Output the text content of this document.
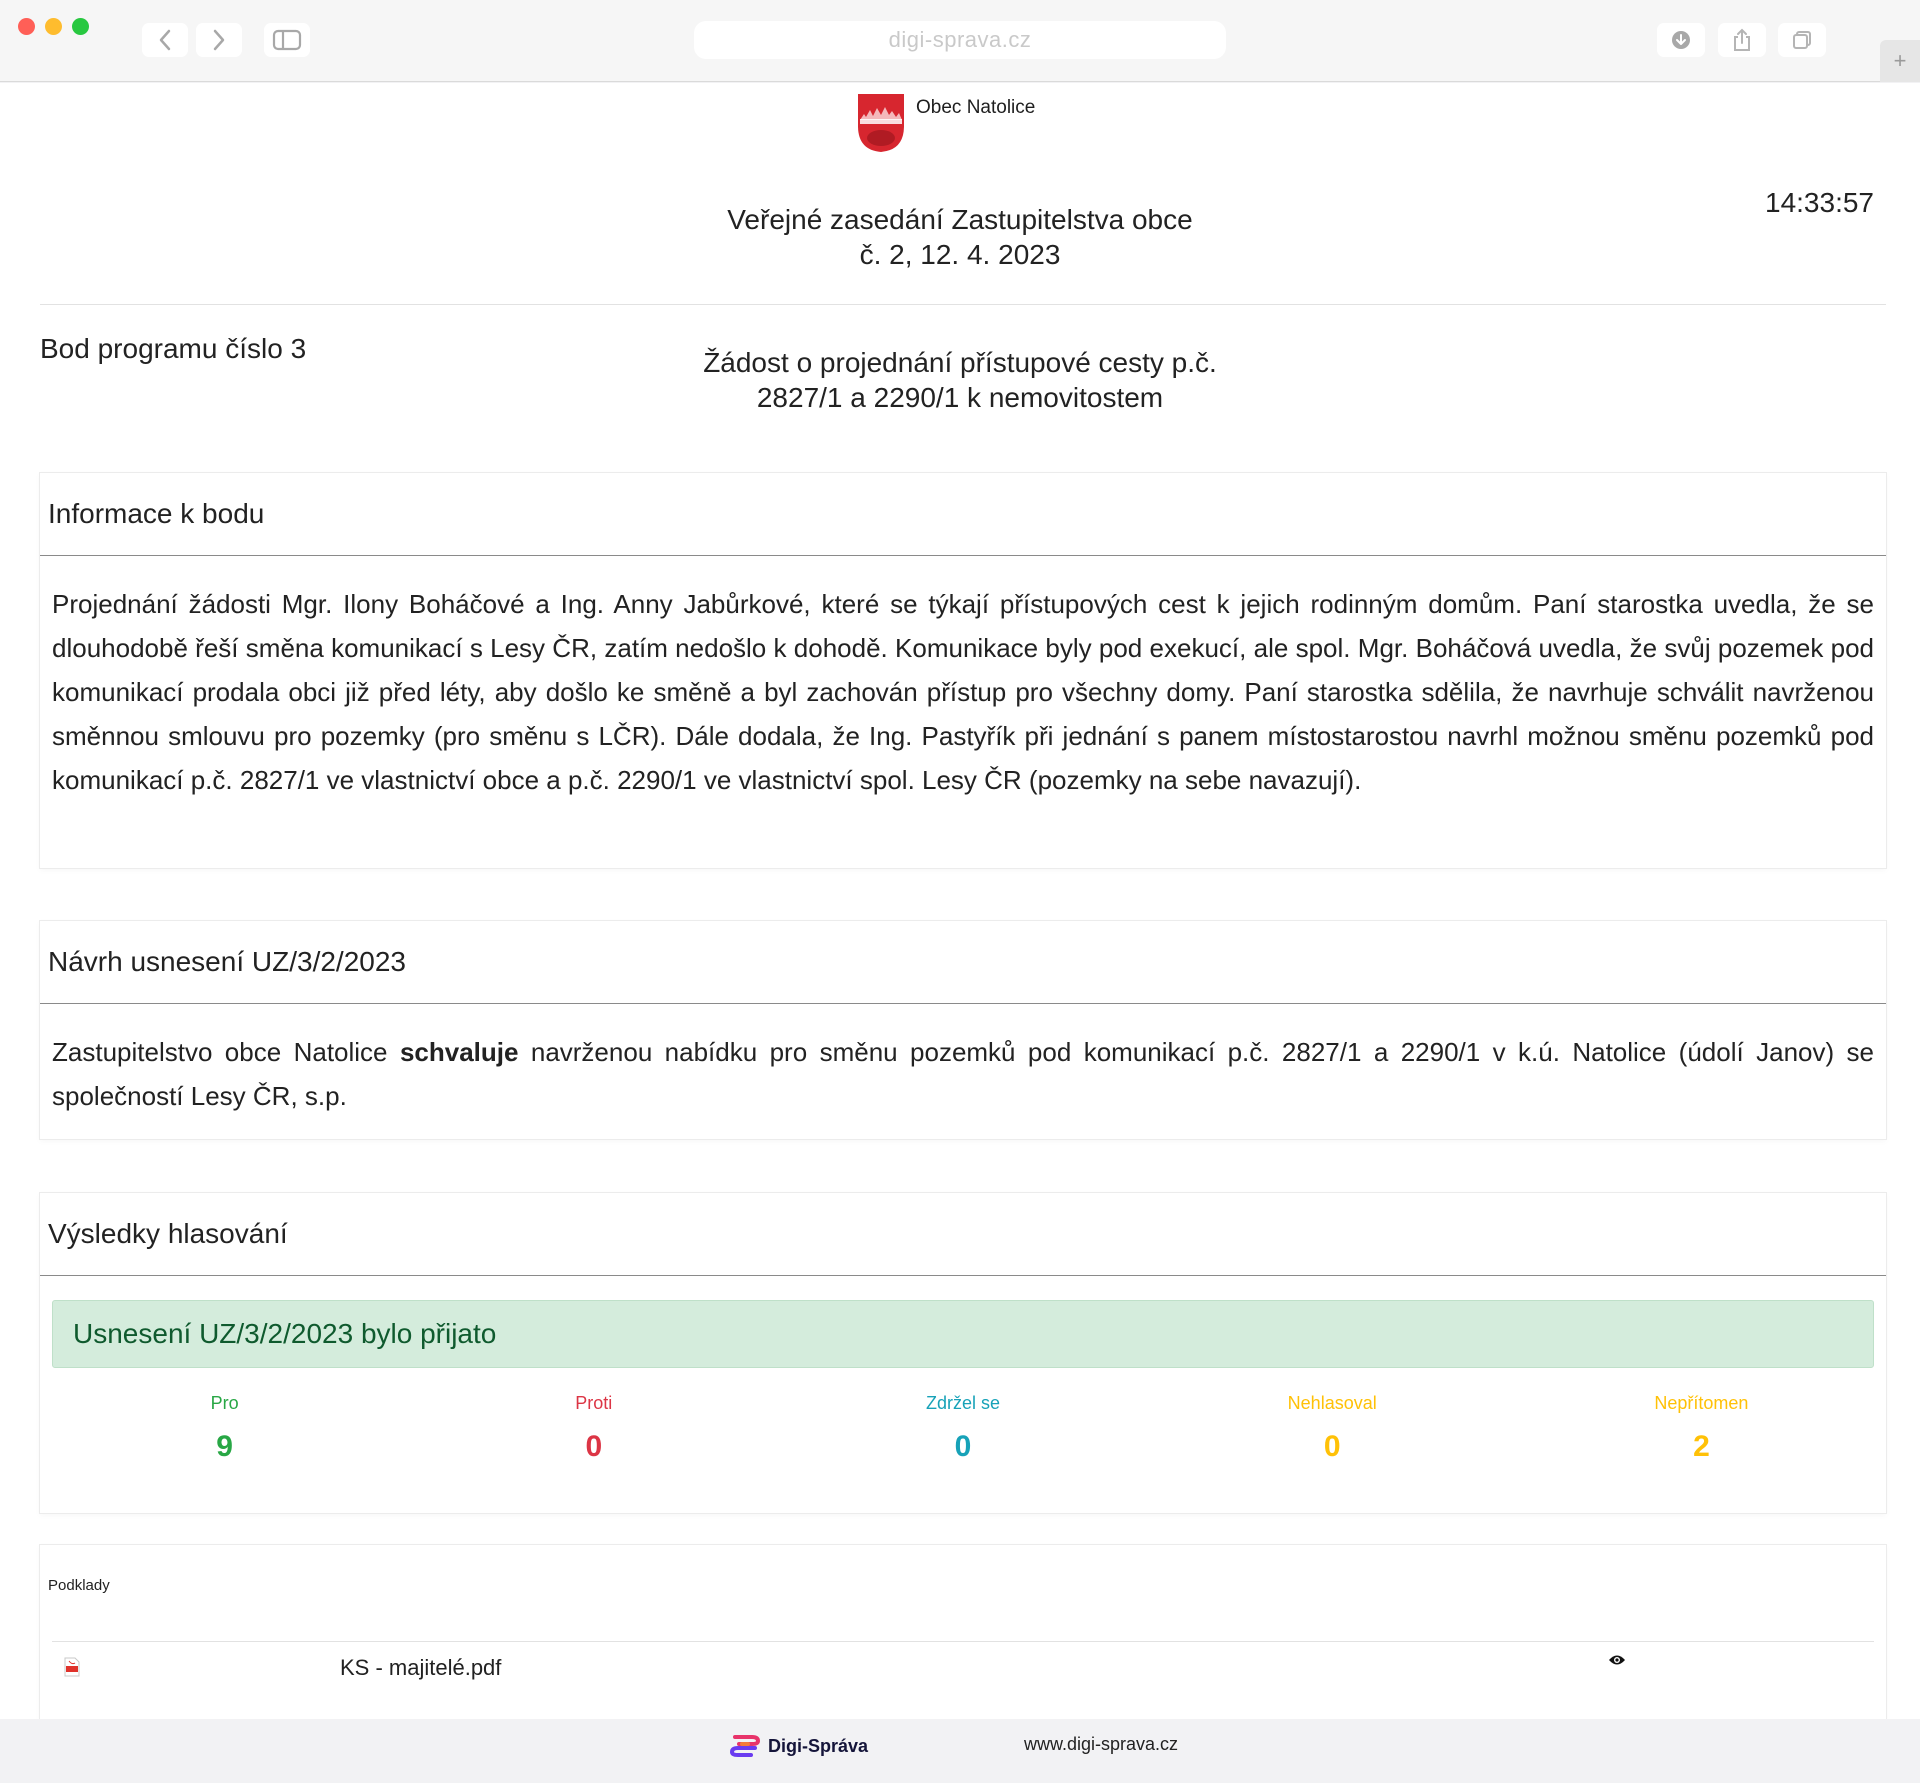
digi-sprava.cz
+
Obec Natolice
14:33:57
Veřejné zasedání Zastupitelstva obce
č. 2, 12. 4. 2023
Bod programu číslo 3	Žádost o projednání přístupové cesty p.č.
2827/1 a 2290/1 k nemovitostem
Informace k bodu
Projednání žádosti Mgr. Ilony Boháčové a Ing. Anny Jabůrkové, které se týkají přístupových cest k jejich rodinným domům. Paní starostka uvedla, že se dlouhodobě řeší směna komunikací s Lesy ČR, zatím nedošlo k dohodě. Komunikace byly pod exekucí, ale spol. Mgr. Boháčová uvedla, že svůj pozemek pod komunikací prodala obci již před léty, aby došlo ke směně a byl zachován přístup pro všechny domy. Paní starostka sdělila, že navrhuje schválit navrženou směnnou smlouvu pro pozemky (pro směnu s LČR). Dále dodala, že Ing. Pastyřík při jednání s panem místostarostou navrhl možnou směnu pozemků pod komunikací p.č. 2827/1 ve vlastnictví obce a p.č. 2290/1 ve vlastnictví spol. Lesy ČR (pozemky na sebe navazují).
Návrh usnesení UZ/3/2/2023
Zastupitelstvo obce Natolice schvaluje navrženou nabídku pro směnu pozemků pod komunikací p.č. 2827/1 a 2290/1 v k.ú. Natolice (údolí Janov) se společností Lesy ČR, s.p.
Výsledky hlasování
Usnesení UZ/3/2/2023 bylo přijato
Pro
9
Proti
0
Zdržel se
0
Nehlasoval
0
Nepřítomen
2
Podklady
KS - majitelé.pdf
Digi-Správa	www.digi-sprava.cz
